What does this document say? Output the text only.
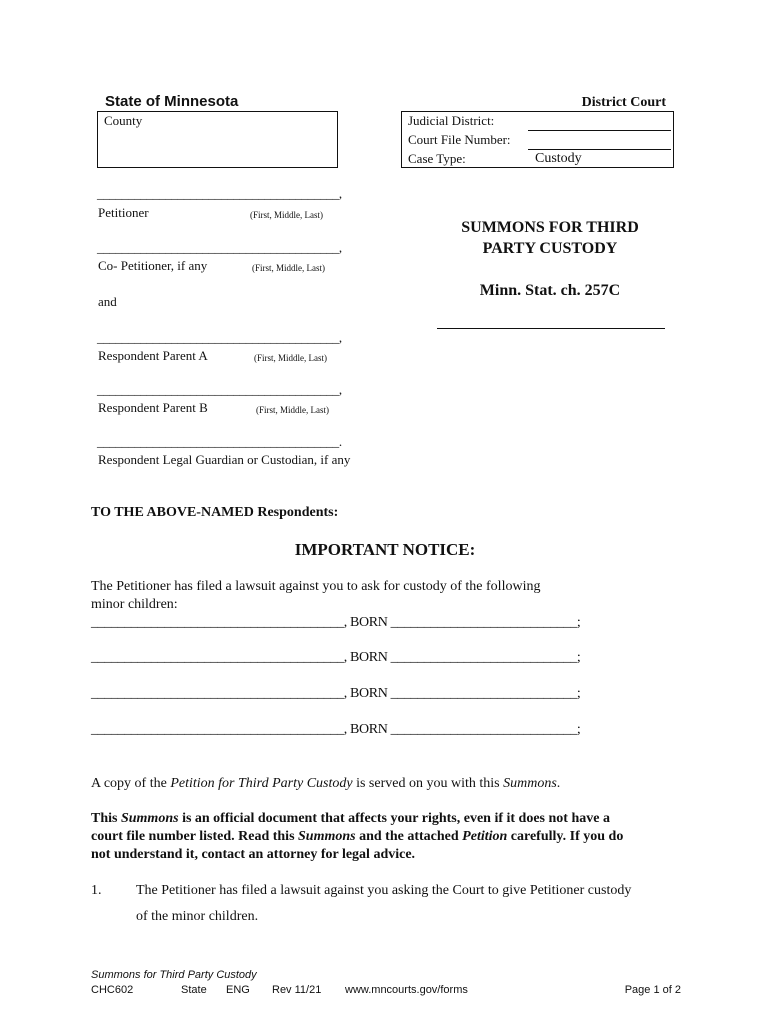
State of Minnesota	District Court
County	Judicial District:
Court File Number:
Case Type:	Custody
_______________________________________,
Petitioner	(First, Middle, Last)
_______________________________________,
Co- Petitioner, if any	(First, Middle, Last)
and
_______________________________________,
Respondent Parent A	(First, Middle, Last)
_______________________________________,
Respondent Parent B	(First, Middle, Last)
_______________________________________.
Respondent Legal Guardian or Custodian, if any
SUMMONS FOR THIRD
PARTY CUSTODY
Minn. Stat. ch. 257C
TO THE ABOVE-NAMED Respondents:
IMPORTANT NOTICE:
The Petitioner has filed a lawsuit against you to ask for custody of the following
minor children:
______________________________________, BORN ____________________________;
______________________________________, BORN ____________________________;
______________________________________, BORN ____________________________;
______________________________________, BORN ____________________________;
A copy of the Petition for Third Party Custody is served on you with this Summons.
This Summons is an official document that affects your rights, even if it does not have a
court file number listed. Read this Summons and the attached Petition carefully. If you do
not understand it, contact an attorney for legal advice.
1. The Petitioner has filed a lawsuit against you asking the Court to give Petitioner custody
of the minor children.
Summons for Third Party Custody
CHC602	State ENG Rev 11/21 www.mncourts.gov/forms	Page 1 of 2
